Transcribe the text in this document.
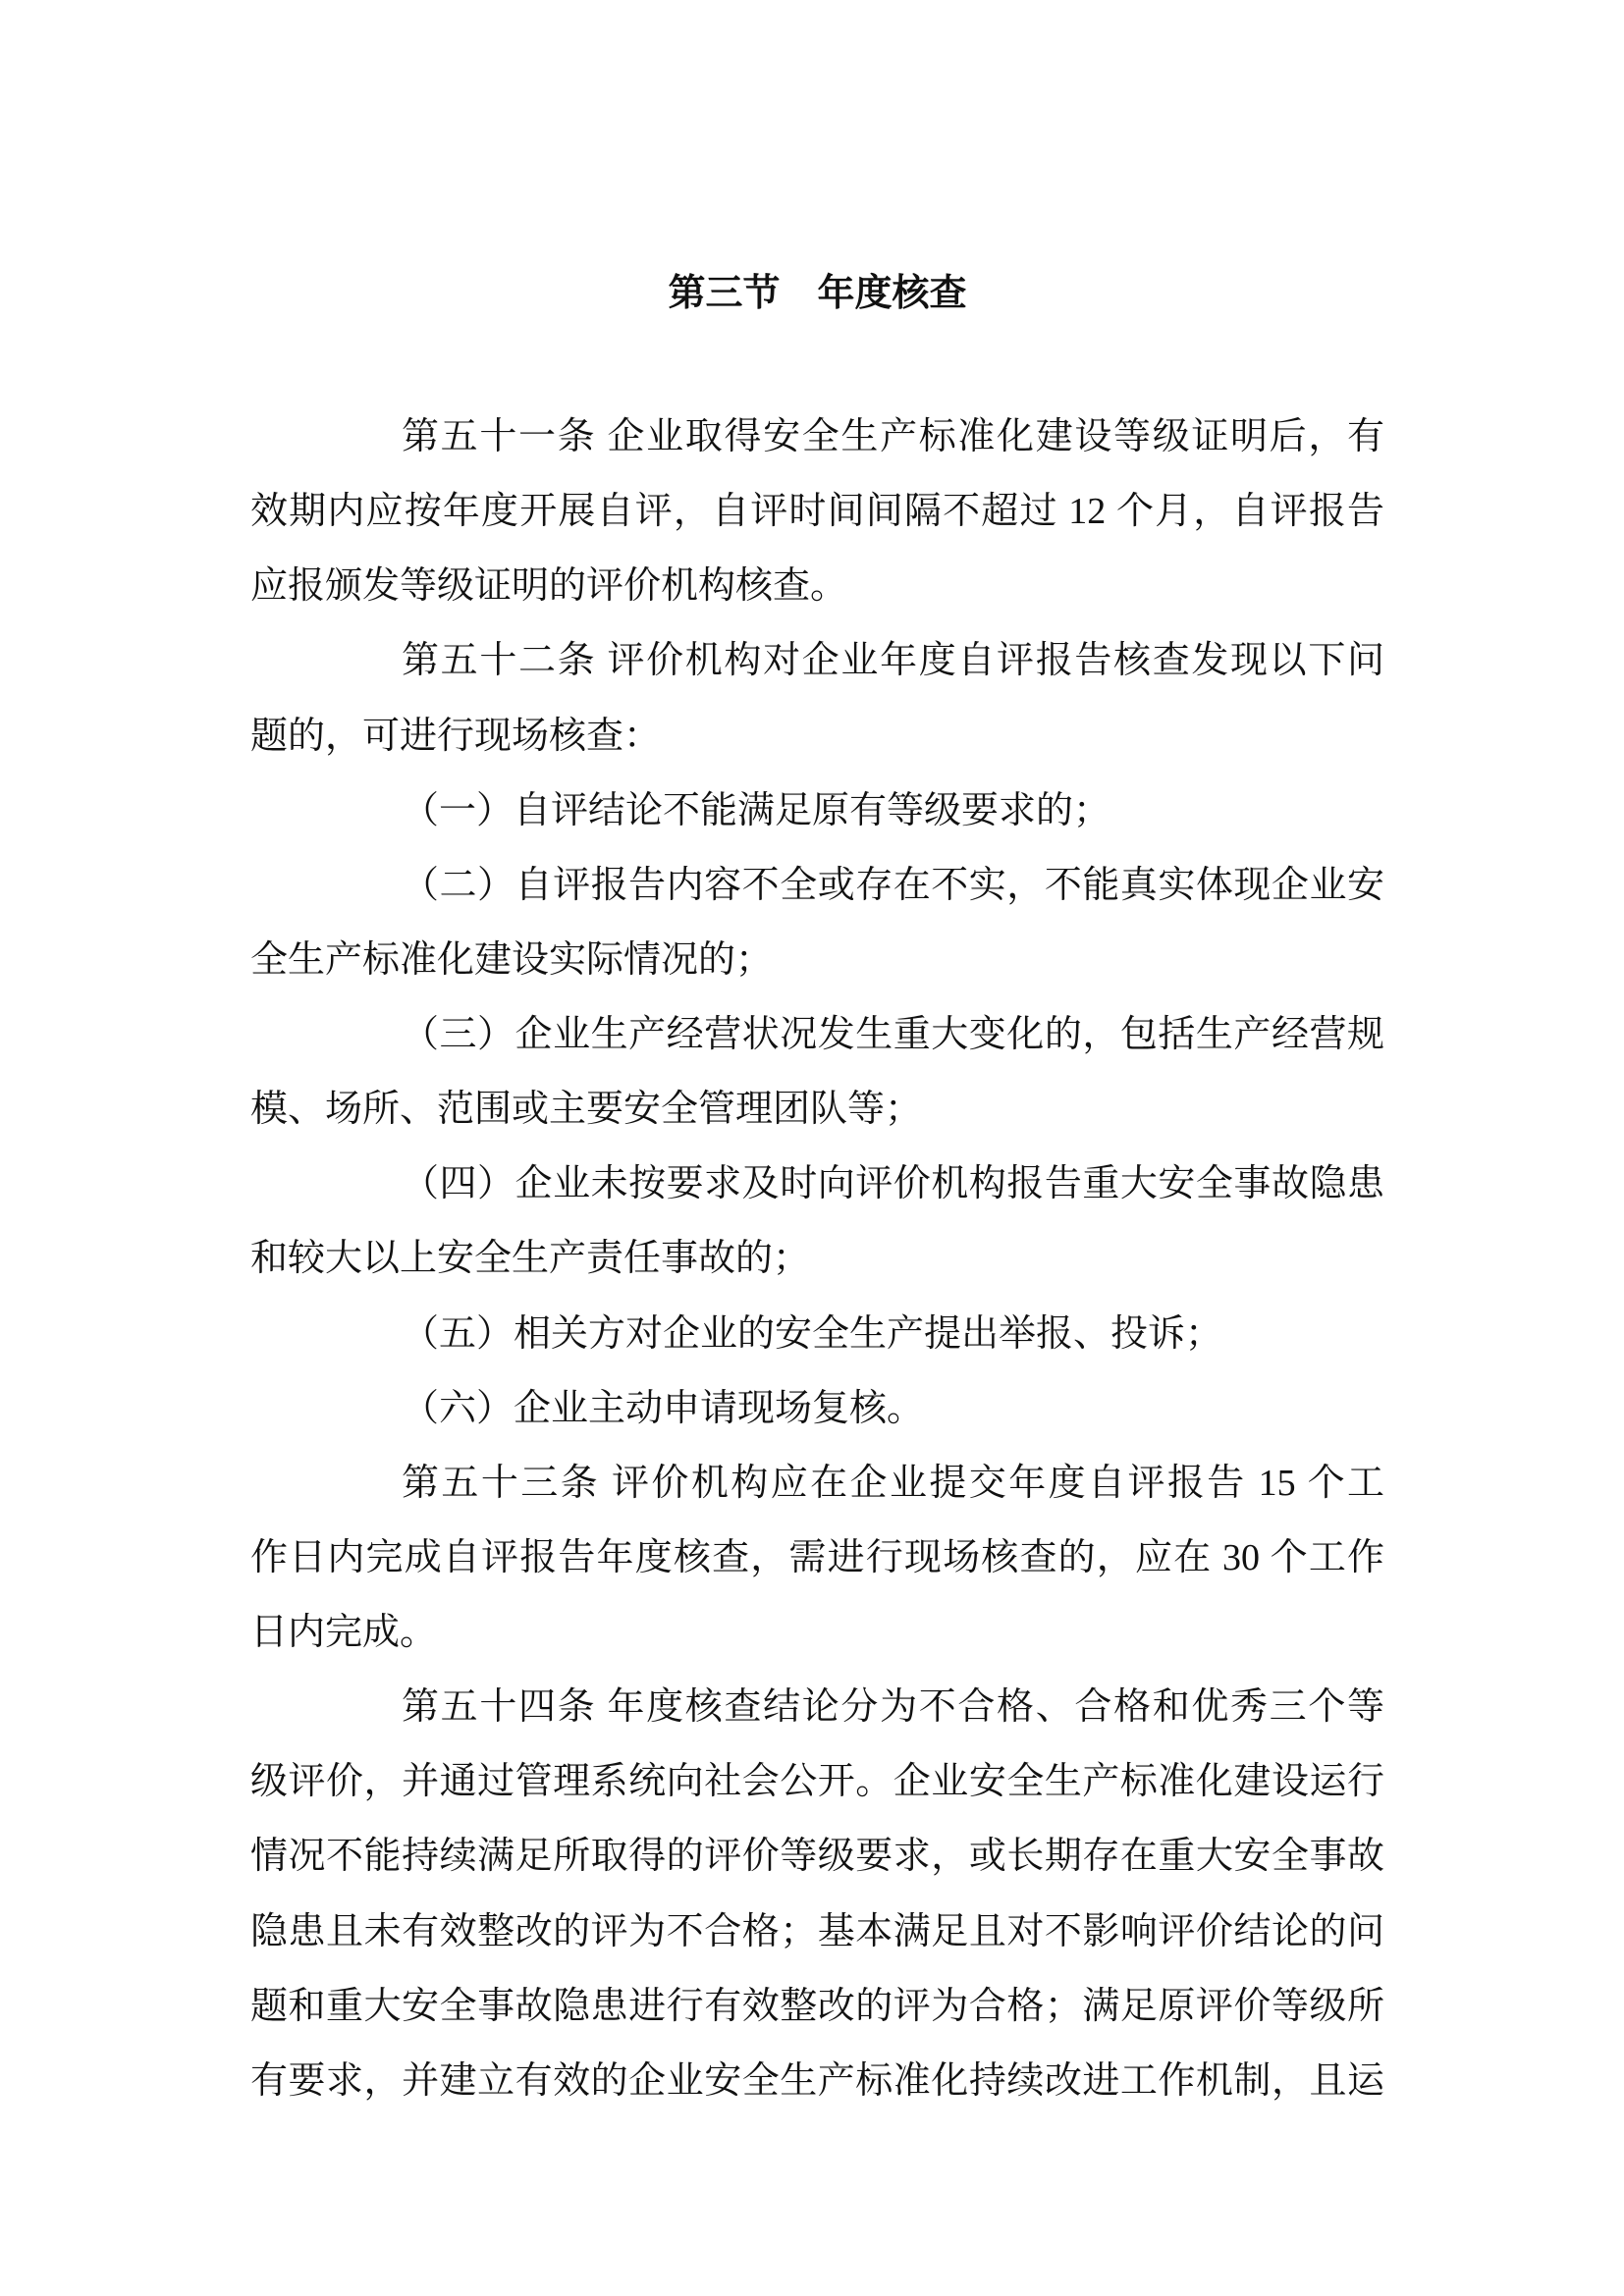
第三节　年度核查
第五十一条 企业取得安全生产标准化建设等级证明后，有
效期内应按年度开展自评，自评时间间隔不超过 12 个月，自评报告
应报颁发等级证明的评价机构核查。
第五十二条 评价机构对企业年度自评报告核查发现以下问
题的，可进行现场核查：
（一）自评结论不能满足原有等级要求的；
（二）自评报告内容不全或存在不实，不能真实体现企业安
全生产标准化建设实际情况的；
（三）企业生产经营状况发生重大变化的，包括生产经营规
模、场所、范围或主要安全管理团队等；
（四）企业未按要求及时向评价机构报告重大安全事故隐患
和较大以上安全生产责任事故的；
（五）相关方对企业的安全生产提出举报、投诉；
（六）企业主动申请现场复核。
第五十三条 评价机构应在企业提交年度自评报告 15 个工
作日内完成自评报告年度核查，需进行现场核查的，应在 30 个工作
日内完成。
第五十四条 年度核查结论分为不合格、合格和优秀三个等
级评价，并通过管理系统向社会公开。企业安全生产标准化建设运行
情况不能持续满足所取得的评价等级要求，或长期存在重大安全事故
隐患且未有效整改的评为不合格；基本满足且对不影响评价结论的问
题和重大安全事故隐患进行有效整改的评为合格；满足原评价等级所
有要求，并建立有效的企业安全生产标准化持续改进工作机制，且运
